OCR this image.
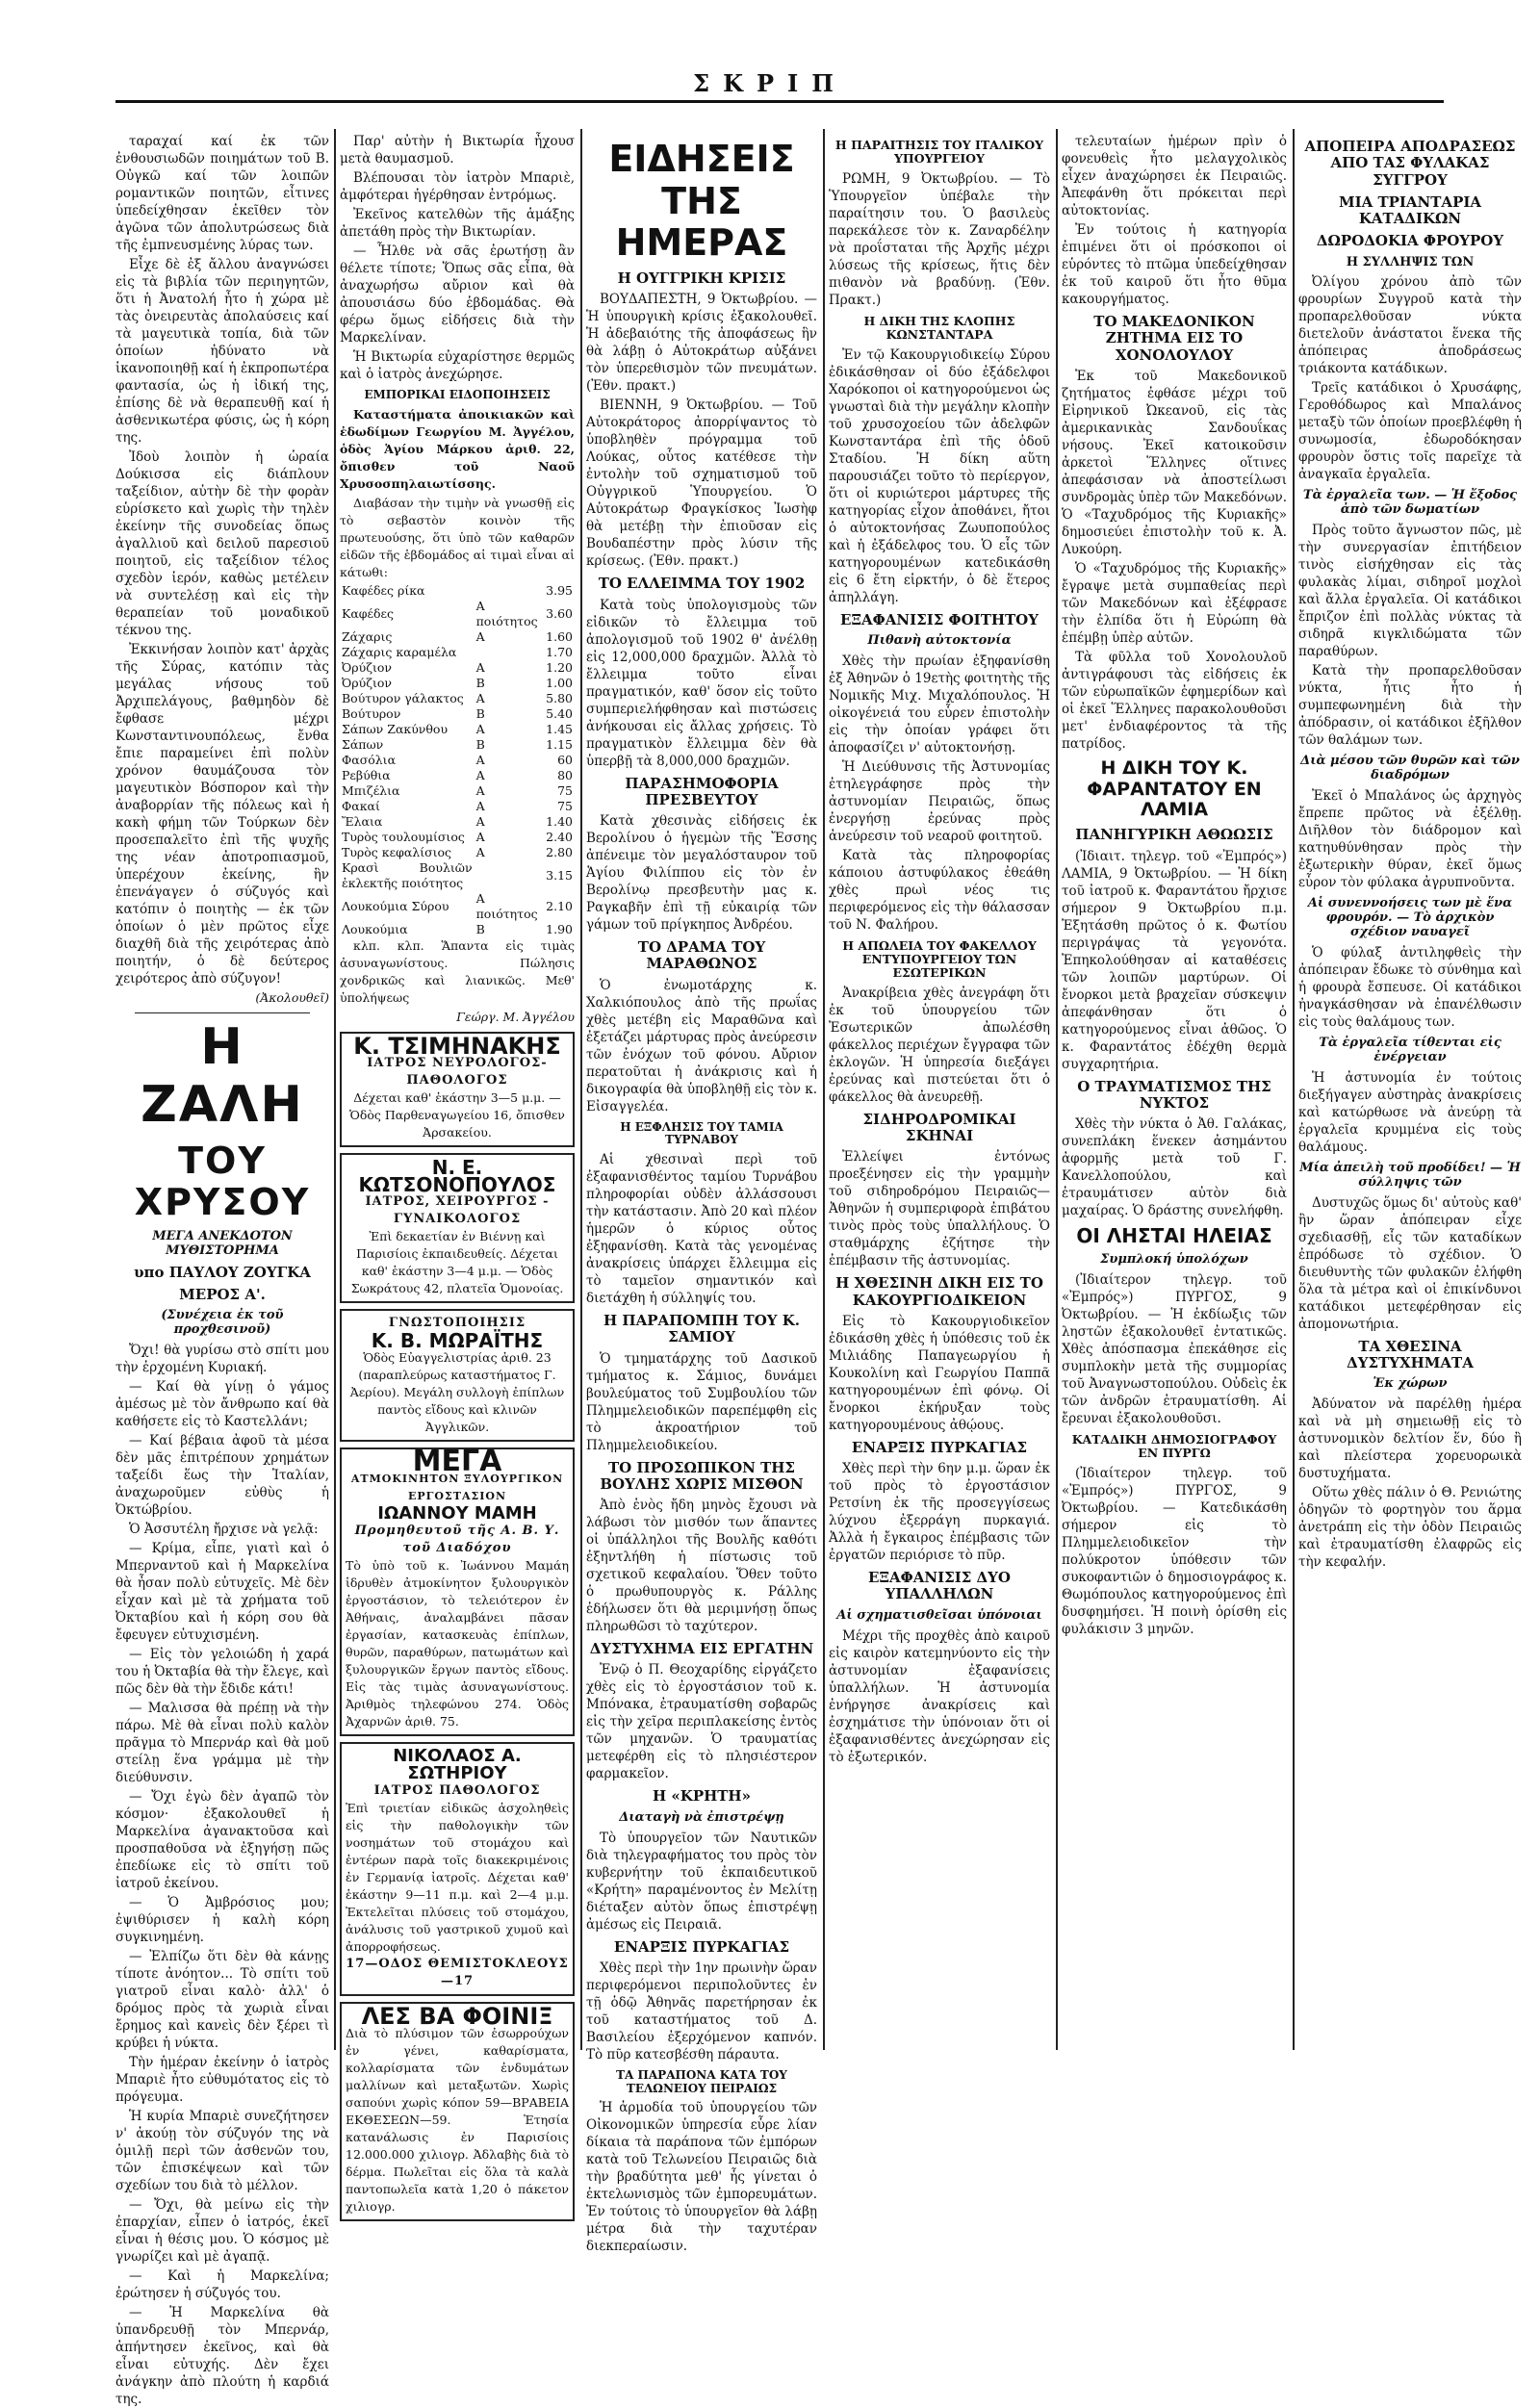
ΣΚΡΙΠ

ταραχαί καί ἐκ τῶν ἐνθουσιωδῶν ποιημάτων τοῦ Β. Οὐγκῶ καί τῶν λοιπῶν ρομαντικῶν ποιητῶν, εἶτινες ὑπεδείχθησαν ἐκεῖθεν τὸν ἀγῶνα τῶν ἀπολυτρώσεως διὰ τῆς ἐμπνευσμένης λύρας των.

Εἶχε δὲ ἐξ ἄλλου ἀναγνώσει εἰς τὰ βιβλία τῶν περιηγητῶν, ὅτι ἡ Ἀνατολή ἦτο ἡ χώρα μὲ τὰς ὀνειρευτὰς ἀπολαύσεις καί τὰ μαγευτικὰ τοπία, διὰ τῶν ὁποίων ἠδύνατο νὰ ἱκανοποιηθῇ καί ἡ ἐκπρoπωτέρα φαντασία, ὡς ἡ ἰδική της, ἐπίσης δὲ νὰ θεραπευθῇ καί ἡ ἀσθενικωτέρα φύσις, ὡς ἡ κόρη της.

Ἰδοὺ λοιπὸν ἡ ὡραία Δούκισσα εἰς διάπλουν ταξείδιον, αὐτὴν δὲ τὴν φορὰν εὑρίσκετο καὶ χωρὶς τὴν τηλὲν ἐκείνην τῆς συνοδείας ὅπως ἀγαλλιοῦ καὶ δειλοῦ παρεσιοῦ ποιητοῦ, εἰς ταξείδιον τέλος σχεδὸν ἱερόν, καθὼς μετέλειν νὰ συντελέσῃ καὶ εἰς τὴν θεραπείαν τοῦ μοναδικοῦ τέκνου της.

Ἐκκινήσαν λοιπὸν κατ' ἀρχὰς τῆς Σύρας, κατόπιν τὰς μεγάλας νήσους τοῦ Ἀρχιπελάγους, βαθμηδὸν δὲ ἔφθασε μέχρι Κωνσταντινουπόλεως, ἔνθα ἔπιε παραμείνει ἐπὶ πολὺν χρόνον θαυμάζουσα τὸν μαγευτικὸν Βόσπορον καὶ τὴν ἀναβορρίαν τῆς πόλεως καὶ ἡ κακὴ φήμη τῶν Τούρκων δὲν προσεπαλεῖτο ἐπὶ τῆς ψυχῆς της νέαν ἀποτροπιασμοῦ, ὑπερέχουν ἐκείνης, ἣν ἐπενάγαγεν ὁ σύζυγός καὶ κατόπιν ὁ ποιητὴς — ἐκ τῶν ὁποίων ὁ μὲν πρῶτος εἶχε διαχθῆ διὰ τῆς χειρότερας ἀπὸ ποιητήν, ὁ δὲ δεύτερος χειρότερος ἀπὸ σύζυγον!

(Ἀκολουθεῖ)
Η ΖΑΛΗ
ΤΟΥ ΧΡΥΣΟΥ
ΜΕΓΑ ΑΝΕΚΔΟΤΟΝ ΜΥΘΙΣΤΟΡΗΜΑ
υπο ΠΑΥΛΟΥ ΖΟΥΓΚΑ
ΜΕΡΟΣ Α'.
(Συνέχεια ἐκ τοῦ προχθεσινοῦ)

Ὄχι! θὰ γυρίσω στὸ σπίτι μου τὴν ἐρχομένη Κυριακή.

— Καί θὰ γίνῃ ὁ γάμος ἀμέσως μὲ τὸν ἄνθρωπο καί θὰ καθήσετε εἰς τὸ Καστελλάνι;

— Καί βέβαια ἀφοῦ τὰ μέσα δὲν μᾶς ἐπιτρέπουν χρημάτων ταξείδι ἕως τὴν Ἰταλίαν, ἀναχωροῦμεν εὐθὺς ἡ Ὀκτώβρίου.

Ὁ Ἀσσυτέλη ἤρχισε νὰ γελᾷ:

— Κρίμα, εἶπε, γιατὶ καὶ ὁ Μπερναντοῦ καὶ ἡ Μαρκελίνα θὰ ἦσαν πολὺ εὐτυχεῖς. Μὲ δὲν εἶχαν καὶ μὲ τὰ χρήματα τοῦ Ὀκταβίου καὶ ἡ κόρη σου θὰ ἔφευγεν εὐτυχισμένη.

— Εἰς τὸν γελοιώδη ἡ χαρά του ἡ Ὀκταβία θὰ τὴν ἔλεγε, καὶ πῶς δὲν θὰ τὴν ἔδιδε κάτι!

— Μαλισσα θὰ πρέπῃ νὰ τὴν πάρω. Μὲ θὰ εἶναι πολὺ καλὸν πρᾶγμα τὸ Μπερνάρ καὶ θὰ μοῦ στείλῃ ἕνα γράμμα μὲ τὴν διεύθυνσιν.

— Ὄχι ἐγὼ δὲν ἀγαπῶ τὸν κόσμον· ἐξακολουθεῖ ἡ Μαρκελίνα ἀγανακτοῦσα καὶ προσπαθοῦσα νὰ ἐξηγήσῃ πῶς ἐπεδίωκε εἰς τὸ σπίτι τοῦ ἰατροῦ ἐκείνου.

— Ὁ Ἀμβρόσιος μου; ἐψιθύρισεν ἡ καλὴ κόρη συγκινημένη.

— Ἐλπίζω ὅτι δὲν θὰ κάνῃς τίποτε ἀνόητον... Τὸ σπίτι τοῦ γιατροῦ εἶναι καλὸ· ἀλλ' ὁ δρόμος πρὸς τὰ χωριὰ εἶναι ἔρημος καὶ κανεὶς δὲν ξέρει τὶ κρύβει ἡ νύκτα.

Τὴν ἡμέραν ἐκείνην ὁ ἰατρὸς Μπαριὲ ἦτο εὐθυμότατος εἰς τὸ πρόγευμα.

Ἡ κυρία Μπαριὲ συνεζήτησεν ν' ἀκούῃ τὸν σύζυγόν της νὰ ὁμιλῇ περὶ τῶν ἀσθενῶν του, τῶν ἐπισκέψεων καὶ τῶν σχεδίων του διὰ τὸ μέλλον.

— Ὄχι, θὰ μείνω εἰς τὴν ἐπαρχίαν, εἶπεν ὁ ἰατρός, ἐκεῖ εἶναι ἡ θέσις μου. Ὁ κόσμος μὲ γνωρίζει καὶ μὲ ἀγαπᾷ.

— Καὶ ἡ Μαρκελίνα; ἐρώτησεν ἡ σύζυγός του.

— Ἡ Μαρκελίνα θὰ ὑπανδρευθῇ τὸν Μπερνάρ, ἀπήντησεν ἐκεῖνος, καὶ θὰ εἶναι εὐτυχής. Δὲν ἔχει ἀνάγκην ἀπὸ πλούτη ἡ καρδιά της.

Παρ' αὐτὴν ἡ Βικτωρία ἦχουσ μετὰ θαυμασμοῦ.

Βλέπουσαι τὸν ἰατρὸν Μπαριὲ, ἀμφότεραι ἠγέρθησαν ἐντρόμως.

Ἐκεῖνος κατελθὼν τῆς ἁμάξης ἀπετάθη πρὸς τὴν Βικτωρίαν.

— Ἦλθε νὰ σᾶς ἐρωτήσῃ ἂν θέλετε τίποτε; Ὅπως σᾶς εἶπα, θὰ ἀναχωρήσω αὔριον καὶ θὰ ἀπουσιάσω δύο ἑβδομάδας. Θὰ φέρω ὅμως εἰδήσεις διὰ τὴν Μαρκελίναν.

Ἡ Βικτωρία εὐχαρίστησε θερμῶς καὶ ὁ ἰατρὸς ἀνεχώρησε.

ΕΜΠΟΡΙΚΑΙ ΕΙΔΟΠΟΙΗΣΕΙΣ

Καταστήματα ἀποικιακῶν καὶ ἐδωδίμων Γεωργίου Μ. Ἀγγέλου, ὁδὸς Ἁγίου Μάρκου ἀριθ. 22, ὄπισθεν τοῦ Ναοῦ Χρυσοσπηλαιωτίσσης.

Διαβάσαν τὴν τιμὴν νὰ γνωσθῇ εἰς τὸ σεβαστὸν κοινὸν τῆς πρωτευούσης, ὅτι ὑπὸ τῶν καθαρῶν εἰδῶν τῆς ἑβδομάδος αἱ τιμαὶ εἶναι αἱ κάτωθι:

Καφέδες ρίκα		3.95
Καφέδες	Α ποιότητος	3.60
Ζάχαρις	Α	1.60
Ζάχαρις καραμέλα		1.70
Ὀρύζιον	Α	1.20
Ὀρύζιον	Β	1.00
Βούτυρον γάλακτος	Α	5.80
Βούτυρον	Β	5.40
Σάπων Ζακύνθου	Α	1.45
Σάπων	Β	1.15
Φασόλια	Α	60
Ρεβύθια	Α	80
Μπιζέλια	Α	75
Φακαί	Α	75
Ἔλαια	Α	1.40
Τυρὸς τουλουμίσιος	Α	2.40
Τυρὸς κεφαλίσιος	Α	2.80
Κρασὶ Βουλιῶν ἐκλεκτῆς ποιότητος		3.15
Λουκούμια Σύρου	Α ποιότητος	2.10
Λουκούμια	Β	1.90

κλπ. κλπ. Ἅπαντα εἰς τιμὰς ἀσυναγωνίστους. Πώλησις χονδρικῶς καὶ λιανικῶς. Μεθ' ὑπολήψεως

Γεώργ. Μ. Ἀγγέλου
Κ. ΤΣΙΜΗΝΑΚΗΣ
ΙΑΤΡΟΣ ΝΕΥΡΟΛΟΓΟΣ-ΠΑΘΟΛΟΓΟΣ
Δέχεται καθ' ἑκάστην 3—5 μ.μ. —Ὁδὸς Παρθεναγωγείου 16, ὄπισθεν Ἀρσακείου.
Ν. Ε. ΚΩΤΣΟΝΟΠΟΥΛΟΣ
ΙΑΤΡΟΣ, ΧΕΙΡΟΥΡΓΟΣ - ΓΥΝΑΙΚΟΛΟΓΟΣ
Ἐπὶ δεκαετίαν ἐν Βιέννῃ καὶ Παρισίοις ἐκπαιδευθείς. Δέχεται καθ' ἑκάστην 3—4 μ.μ. — Ὁδὸς Σωκράτους 42, πλατεῖα Ὁμονοίας.
ΓΝΩΣΤΟΠΟΙΗΣΙΣ
Κ. Β. ΜΩΡΑΪΤΗΣ
Ὁδὸς Εὐαγγελιστρίας ἀριθ. 23 (παραπλεύρως καταστήματος Γ. Ἀερίου). Μεγάλη συλλογὴ ἐπίπλων παντὸς εἴδους καὶ κλινῶν Ἀγγλικῶν.
ΜΕΓΑ
ΑΤΜΟΚΙΝΗΤΟΝ ΞΥΛΟΥΡΓΙΚΟΝ ΕΡΓΟΣΤΑΣΙΟΝ
ΙΩΑΝΝΟΥ ΜΑΜΗ
Προμηθευτοῦ τῆς Α. Β. Υ. τοῦ Διαδόχου
Τὸ ὑπὸ τοῦ κ. Ἰωάννου Μαμάη ἱδρυθὲν ἀτμοκίνητον ξυλουργικὸν ἐργοστάσιον, τὸ τελειότερον ἐν Ἀθήναις, ἀναλαμβάνει πᾶσαν ἐργασίαν, κατασκευὰς ἐπίπλων, θυρῶν, παραθύρων, πατωμάτων καὶ ξυλουργικῶν ἔργων παντὸς εἴδους. Εἰς τὰς τιμὰς ἀσυναγωνίστους. Ἀριθμὸς τηλεφώνου 274. Ὁδὸς Ἀχαρνῶν ἀριθ. 75.
ΝΙΚΟΛΑΟΣ Α. ΣΩΤΗΡΙΟΥ
ΙΑΤΡΟΣ ΠΑΘΟΛΟΓΟΣ
Ἐπὶ τριετίαν εἰδικῶς ἀσχοληθεὶς εἰς τὴν παθολογικὴν τῶν νοσημάτων τοῦ στομάχου καὶ ἐντέρων παρὰ τοῖς διακεκριμένοις ἐν Γερμανίᾳ ἰατροῖς. Δέχεται καθ' ἑκάστην 9—11 π.μ. καὶ 2—4 μ.μ. Ἐκτελεῖται πλύσεις τοῦ στομάχου, ἀνάλυσις τοῦ γαστρικοῦ χυμοῦ καὶ ἀπορροφήσεως.
17—ΟΔΟΣ ΘΕΜΙΣΤΟΚΛΕΟΥΣ—17
ΛΕΣ ΒΑ ΦΟΙΝΙΞ
Διὰ τὸ πλύσιμον τῶν ἐσωρρούχων ἐν γένει, καθαρίσματα, κολλαρίσματα τῶν ἐνδυμάτων μαλλίνων καὶ μεταξωτῶν. Χωρὶς σαπούνι χωρὶς κόπον 59—ΒΡΑΒΕΙΑ ΕΚΘΕΣΕΩΝ—59. Ἐτησία κατανάλωσις ἐν Παρισίοις 12.000.000 χιλιογρ. Ἀδλαβὴς διὰ τὸ δέρμα. Πωλεῖται εἰς ὅλα τὰ καλὰ παντοπωλεῖα κατὰ 1,20 ὁ πάκετον χιλιογρ.
ΕΙΔΗΣΕΙΣ ΤΗΣ ΗΜΕΡΑΣ
Η ΟΥΓΓΡΙΚΗ ΚΡΙΣΙΣ

ΒΟΥΔΑΠΕΣΤΗ, 9 Ὀκτωβρίου. — Ἡ ὑπουργικὴ κρίσις ἐξακολουθεῖ. Ἡ ἀδεβαιότης τῆς ἀποφάσεως ἣν θὰ λάβῃ ὁ Αὐτοκράτωρ αὐξάνει τὸν ὑπερεθισμὸν τῶν πνευμάτων. (Ἐθν. πρακτ.)

ΒΙΕΝΝΗ, 9 Ὀκτωβρίου. — Τοῦ Αὐτοκράτορος ἀπορρίψαντος τὸ ὑποβληθὲν πρόγραμμα τοῦ Λούκας, οὗτος κατέθεσε τὴν ἐντολὴν τοῦ σχηματισμοῦ τοῦ Οὐγγρικοῦ Ὑπουργείου. Ὁ Αὐτοκράτωρ Φραγκίσκος Ἰωσὴφ θὰ μετέβῃ τὴν ἐπιοῦσαν εἰς Βουδαπέστην πρὸς λύσιν τῆς κρίσεως. (Ἐθν. πρακτ.)

ΤΟ ΕΛΛΕΙΜΜΑ ΤΟΥ 1902

Κατὰ τοὺς ὑπολογισμοὺς τῶν εἰδικῶν τὸ ἔλλειμμα τοῦ ἀπολογισμοῦ τοῦ 1902 θ' ἀνέλθῃ εἰς 12,000,000 δραχμῶν. Ἀλλὰ τὸ ἔλλειμμα τοῦτο εἶναι πραγματικόν, καθ' ὅσον εἰς τοῦτο συμπεριελήφθησαν καὶ πιστώσεις ἀνήκουσαι εἰς ἄλλας χρήσεις. Τὸ πραγματικὸν ἔλλειμμα δὲν θὰ ὑπερβῇ τὰ 8,000,000 δραχμῶν.

ΠΑΡΑΣΗΜΟΦΟΡΙΑ ΠΡΕΣΒΕΥΤΟΥ

Κατὰ χθεσινὰς εἰδήσεις ἐκ Βερολίνου ὁ ἡγεμὼν τῆς Ἔσσης ἀπένειμε τὸν μεγαλόσταυρον τοῦ Ἁγίου Φιλίππου εἰς τὸν ἐν Βερολίνῳ πρεσβευτὴν μας κ. Ραγκαβῆν ἐπὶ τῇ εὐκαιρίᾳ τῶν γάμων τοῦ πρίγκηπος Ἀνδρέου.

ΤΟ ΔΡΑΜΑ ΤΟΥ ΜΑΡΑΘΩΝΟΣ

Ὁ ἐνωμοτάρχης κ. Χαλκιόπουλος ἀπὸ τῆς πρωΐας χθὲς μετέβη εἰς Μαραθῶνα καὶ ἐξετάζει μάρτυρας πρὸς ἀνεύρεσιν τῶν ἐνόχων τοῦ φόνου. Αὔριον περατοῦται ἡ ἀνάκρισις καὶ ἡ δικογραφία θὰ ὑποβληθῇ εἰς τὸν κ. Εἰσαγγελέα.

Η ΕΞΦΛΗΣΙΣ ΤΟΥ ΤΑΜΙΑ ΤΥΡΝΑΒΟΥ

Αἱ χθεσιναὶ περὶ τοῦ ἐξαφανισθέντος ταμίου Τυρνάβου πληροφορίαι οὐδὲν ἀλλάσσουσι τὴν κατάστασιν. Ἀπὸ 20 καὶ πλέον ἡμερῶν ὁ κύριος οὗτος ἐξηφανίσθη. Κατὰ τὰς γενομένας ἀνακρίσεις ὑπάρχει ἔλλειμμα εἰς τὸ ταμεῖον σημαντικόν καὶ διετάχθη ἡ σύλληψίς του.

Η ΠΑΡΑΠΟΜΠΗ ΤΟΥ Κ. ΣΑΜΙΟΥ

Ὁ τμηματάρχης τοῦ Δασικοῦ τμήματος κ. Σάμιος, δυνάμει βουλεύματος τοῦ Συμβουλίου τῶν Πλημμελειοδικῶν παρεπέμφθη εἰς τὸ ἀκροατήριον τοῦ Πλημμελειοδικείου.

ΤΟ ΠΡΟΣΩΠΙΚΟΝ ΤΗΣ ΒΟΥΛΗΣ ΧΩΡΙΣ ΜΙΣΘΟΝ

Ἀπὸ ἑνὸς ἤδη μηνὸς ἔχουσι νὰ λάβωσι τὸν μισθόν των ἅπαντες οἱ ὑπάλληλοι τῆς Βουλῆς καθότι ἐξηντλήθη ἡ πίστωσις τοῦ σχετικοῦ κεφαλαίου. Ὅθεν τοῦτο ὁ πρωθυπουργὸς κ. Ράλλης ἐδήλωσεν ὅτι θὰ μεριμνήσῃ ὅπως πληρωθῶσι τὸ ταχύτερον.

ΔΥΣΤΥΧΗΜΑ ΕΙΣ ΕΡΓΑΤΗΝ

Ἐνῷ ὁ Π. Θεοχαρίδης εἰργάζετο χθὲς εἰς τὸ ἐργοστάσιον τοῦ κ. Μπόνακα, ἐτραυματίσθη σοβαρῶς εἰς τὴν χεῖρα περιπλακείσης ἐντὸς τῶν μηχανῶν. Ὁ τραυματίας μετεφέρθη εἰς τὸ πλησιέστερον φαρμακεῖον.

Η «ΚΡΗΤΗ»
Διαταγὴ νὰ ἐπιστρέψῃ

Τὸ ὑπουργεῖον τῶν Ναυτικῶν διὰ τηλεγραφήματος του πρὸς τὸν κυβερνήτην τοῦ ἐκπαιδευτικοῦ «Κρήτη» παραμένοντος ἐν Μελίτῃ διέταξεν αὐτὸν ὅπως ἐπιστρέψῃ ἀμέσως εἰς Πειραιᾶ.

ΕΝΑΡΞΙΣ ΠΥΡΚΑΓΙΑΣ

Χθὲς περὶ τὴν 1ην πρωινὴν ὥραν περιφερόμενοι περιπολοῦντες ἐν τῇ ὁδῷ Ἀθηνᾶς παρετήρησαν ἐκ τοῦ καταστήματος τοῦ Δ. Βασιλείου ἐξερχόμενον καπνόν. Τὸ πῦρ κατεσβέσθη πάραυτα.

ΤΑ ΠΑΡΑΠΟΝΑ ΚΑΤΑ ΤΟΥ ΤΕΛΩΝΕΙΟΥ ΠΕΙΡΑΙΩΣ

Ἡ ἀρμοδία τοῦ ὑπουργείου τῶν Οἰκονομικῶν ὑπηρεσία εὗρε λίαν δίκαια τὰ παράπονα τῶν ἐμπόρων κατὰ τοῦ Τελωνείου Πειραιῶς διὰ τὴν βραδύτητα μεθ' ἧς γίνεται ὁ ἐκτελωνισμὸς τῶν ἐμπορευμάτων. Ἐν τούτοις τὸ ὑπουργεῖον θὰ λάβῃ μέτρα διὰ τὴν ταχυτέραν διεκπεραίωσιν.

Η ΠΑΡΑΙΤΗΣΙΣ ΤΟΥ ΙΤΑΛΙΚΟΥ ΥΠΟΥΡΓΕΙΟΥ

ΡΩΜΗ, 9 Ὀκτωβρίου. — Τὸ Ὑπουργεῖον ὑπέβαλε τὴν παραίτησιν του. Ὁ βασιλεὺς παρεκάλεσε τὸν κ. Ζαναρδέλην νὰ προΐσταται τῆς Ἀρχῆς μέχρι λύσεως τῆς κρίσεως, ἥτις δὲν πιθανὸν νὰ βραδύνῃ. (Ἐθν. Πρακτ.)

Η ΔΙΚΗ ΤΗΣ ΚΛΟΠΗΣ ΚΩΝΣΤΑΝΤΑΡΑ

Ἐν τῷ Κακουργιοδικείῳ Σύρου ἐδικάσθησαν οἱ δύο ἐξάδελφοι Χαρόκοποι οἱ κατηγορούμενοι ὡς γνωσταὶ διὰ τὴν μεγάλην κλοπὴν τοῦ χρυσοχοείου τῶν ἀδελφῶν Κωνσταντάρα ἐπὶ τῆς ὁδοῦ Σταδίου. Ἡ δίκη αὕτη παρουσιάζει τοῦτο τὸ περίεργον, ὅτι οἱ κυριώτεροι μάρτυρες τῆς κατηγορίας εἶχον ἀποθάνει, ἤτοι ὁ αὐτοκτονήσας Ζωυποπούλος καὶ ἡ ἐξάδελφος του. Ὁ εἷς τῶν κατηγορουμένων κατεδικάσθη εἰς 6 ἔτη εἱρκτήν, ὁ δὲ ἕτερος ἀπηλλάγη.

ΕΞΑΦΑΝΙΣΙΣ ΦΟΙΤΗΤΟΥ
Πιθανὴ αὐτοκτονία

Χθὲς τὴν πρωίαν ἐξηφανίσθη ἐξ Ἀθηνῶν ὁ 19ετὴς φοιτητὴς τῆς Νομικῆς Μιχ. Μιχαλόπουλος. Ἡ οἰκογένειά του εὗρεν ἐπιστολὴν εἰς τὴν ὁποίαν γράφει ὅτι ἀποφασίζει ν' αὐτοκτονήσῃ.

Ἡ Διεύθυνσις τῆς Ἀστυνομίας ἐτηλεγράφησε πρὸς τὴν ἀστυνομίαν Πειραιῶς, ὅπως ἐνεργήσῃ ἐρεύνας πρὸς ἀνεύρεσιν τοῦ νεαροῦ φοιτητοῦ.

Κατὰ τὰς πληροφορίας κάποιου ἀστυφύλακος ἐθεάθη χθὲς πρωὶ νέος τις περιφερόμενος εἰς τὴν θάλασσαν τοῦ Ν. Φαλήρου.

Η ΑΠΩΛΕΙΑ ΤΟΥ ΦΑΚΕΛΛΟΥ ΕΝΤΥΠΟΥΡΓΕΙΟΥ ΤΩΝ ΕΣΩΤΕΡΙΚΩΝ

Ἀνακρίβεια χθὲς ἀνεγράφη ὅτι ἐκ τοῦ ὑπουργείου τῶν Ἐσωτερικῶν ἀπωλέσθη φάκελλος περιέχων ἔγγραφα τῶν ἐκλογῶν. Ἡ ὑπηρεσία διεξάγει ἐρεύνας καὶ πιστεύεται ὅτι ὁ φάκελλος θὰ ἀνευρεθῇ.

ΣΙΔΗΡΟΔΡΟΜΙΚΑΙ ΣΚΗΝΑΙ

Ἐλλείψει ἐντόνως προεξένησεν εἰς τὴν γραμμὴν τοῦ σιδηροδρόμου Πειραιῶς—Ἀθηνῶν ἡ συμπεριφορὰ ἐπιβάτου τινὸς πρὸς τοὺς ὑπαλλήλους. Ὁ σταθμάρχης ἐζήτησε τὴν ἐπέμβασιν τῆς ἀστυνομίας.

Η ΧΘΕΣΙΝΗ ΔΙΚΗ ΕΙΣ ΤΟ ΚΑΚΟΥΡΓΙΟΔΙΚΕΙΟΝ

Εἰς τὸ Κακουργιοδικεῖον ἐδικάσθη χθὲς ἡ ὑπόθεσις τοῦ ἐκ Μιλιάδης Παπαγεωργίου ἡ Κουκολίνη καὶ Γεωργίου Παππᾶ κατηγορουμένων ἐπὶ φόνῳ. Οἱ ἔνορκοι ἐκήρυξαν τοὺς κατηγορουμένους ἀθῴους.

ΕΝΑΡΞΙΣ ΠΥΡΚΑΓΙΑΣ

Χθὲς περὶ τὴν 6ην μ.μ. ὥραν ἐκ τοῦ πρὸς τὸ ἐργοστάσιον Ρετσίνη ἐκ τῆς προσεγγίσεως λύχνου ἐξερράγη πυρκαγιά. Ἀλλὰ ἡ ἔγκαιρος ἐπέμβασις τῶν ἐργατῶν περιόρισε τὸ πῦρ.

ΕΞΑΦΑΝΙΣΙΣ ΔΥΟ ΥΠΑΛΛΗΛΩΝ
Αἱ σχηματισθεῖσαι ὑπόνοιαι

Μέχρι τῆς προχθὲς ἀπὸ καιροῦ εἰς καιρὸν κατεμηνύοντο εἰς τὴν ἀστυνομίαν ἐξαφανίσεις ὑπαλλήλων. Ἡ ἀστυνομία ἐνήργησε ἀνακρίσεις καὶ ἐσχημάτισε τὴν ὑπόνοιαν ὅτι οἱ ἐξαφανισθέντες ἀνεχώρησαν εἰς τὸ ἐξωτερικόν.

τελευταίων ἡμέρων πρὶν ὁ φονευθεὶς ἦτο μελαγχολικὸς εἶχεν ἀναχώρησει ἐκ Πειραιῶς. Ἀπεφάνθη ὅτι πρόκειται περὶ αὐτοκτονίας.

Ἐν τούτοις ἡ κατηγορία ἐπιμένει ὅτι οἱ πρόσκοποι οἱ εὑρόντες τὸ πτῶμα ὑπεδείχθησαν ἐκ τοῦ καιροῦ ὅτι ἦτο θῦμα κακουργήματος.

ΤΟ ΜΑΚΕΔΟΝΙΚΟΝ ΖΗΤΗΜΑ ΕΙΣ ΤΟ ΧΟΝΟΛΟΥΛΟΥ

Ἐκ τοῦ Μακεδονικοῦ ζητήματος ἐφθάσε μέχρι τοῦ Εἰρηνικοῦ Ὠκεανοῦ, εἰς τὰς ἀμερικανικὰς Σανδουΐκας νήσους. Ἐκεῖ κατοικοῦσιν ἀρκετοὶ Ἕλληνες οἵτινες ἀπεφάσισαν νὰ ἀποστείλωσι συνδρομὰς ὑπὲρ τῶν Μακεδόνων. Ὁ «Ταχυδρόμος τῆς Κυριακῆς» δημοσιεύει ἐπιστολὴν τοῦ κ. Ἀ. Λυκούρη.

Ὁ «Ταχυδρόμος τῆς Κυριακῆς» ἔγραψε μετὰ συμπαθείας περὶ τῶν Μακεδόνων καὶ ἐξέφρασε τὴν ἐλπίδα ὅτι ἡ Εὐρώπη θὰ ἐπέμβῃ ὑπὲρ αὐτῶν.

Τὰ φῦλλα τοῦ Χονολουλοῦ ἀντιγράφουσι τὰς εἰδήσεις ἐκ τῶν εὐρωπαϊκῶν ἐφημερίδων καὶ οἱ ἐκεῖ Ἕλληνες παρακολουθοῦσι μετ' ἐνδιαφέροντος τὰ τῆς πατρίδος.

Η ΔΙΚΗ ΤΟΥ Κ. ΦΑΡΑΝΤΑΤΟΥ ΕΝ ΛΑΜΙΑ
ΠΑΝΗΓΥΡΙΚΗ ΑΘΩΩΣΙΣ

(Ἰδιαιτ. τηλεγρ. τοῦ «Ἐμπρός») ΛΑΜΙΑ, 9 Ὀκτωβρίου. — Ἡ δίκη τοῦ ἰατροῦ κ. Φαραντάτου ἤρχισε σήμερον 9 Ὀκτωβρίου π.μ. Ἐξητάσθη πρῶτος ὁ κ. Φωτίου περιγράψας τὰ γεγονότα. Ἐπηκολούθησαν αἱ καταθέσεις τῶν λοιπῶν μαρτύρων. Οἱ ἔνορκοι μετὰ βραχεῖαν σύσκεψιν ἀπεφάνθησαν ὅτι ὁ κατηγορούμενος εἶναι ἀθῶος. Ὁ κ. Φαραντάτος ἐδέχθη θερμὰ συγχαρητήρια.

Ο ΤΡΑΥΜΑΤΙΣΜΟΣ ΤΗΣ ΝΥΚΤΟΣ

Χθὲς τὴν νύκτα ὁ Ἀθ. Γαλάκας, συνεπλάκη ἕνεκεν ἀσημάντου ἀφορμῆς μετὰ τοῦ Γ. Κανελλοπούλου, καὶ ἐτραυμάτισεν αὐτὸν διὰ μαχαίρας. Ὁ δράστης συνελήφθη.

ΟΙ ΛΗΣΤΑΙ ΗΛΕΙΑΣ
Συμπλοκή ὑπολόχων

(Ἰδιαίτερον τηλεγρ. τοῦ «Ἐμπρός») ΠΥΡΓΟΣ, 9 Ὀκτωβρίου. — Ἡ ἐκδίωξις τῶν ληστῶν ἐξακολουθεῖ ἐντατικῶς. Χθὲς ἀπόσπασμα ἐπεκάθησε εἰς συμπλοκὴν μετὰ τῆς συμμορίας τοῦ Ἀναγνωστοπούλου. Οὐδεὶς ἐκ τῶν ἀνδρῶν ἐτραυματίσθη. Αἱ ἔρευναι ἐξακολουθοῦσι.

ΚΑΤΑΔΙΚΗ ΔΗΜΟΣΙΟΓΡΑΦΟΥ ΕΝ ΠΥΡΓΩ

(Ἰδιαίτερον τηλεγρ. τοῦ «Ἐμπρός») ΠΥΡΓΟΣ, 9 Ὀκτωβρίου. — Κατεδικάσθη σήμερον εἰς τὸ Πλημμελειοδικεῖον τὴν πολύκροτον ὑπόθεσιν τῶν συκοφαντιῶν ὁ δημοσιογράφος κ. Θωμόπουλος κατηγορούμενος ἐπὶ δυσφημήσει. Ἡ ποινὴ ὁρίσθη εἰς φυλάκισιν 3 μηνῶν.

ΑΠΟΠΕΙΡΑ ΑΠΟΔΡΑΣΕΩΣ ΑΠΟ ΤΑΣ ΦΥΛΑΚΑΣ ΣΥΓΓΡΟΥ
ΜΙΑ ΤΡΙΑΝΤΑΡΙΑ ΚΑΤΑΔΙΚΩΝ
ΔΩΡΟΔΟΚΙΑ ΦΡΟΥΡΟΥ
Η ΣΥΛΛΗΨΙΣ ΤΩΝ

Ὀλίγου χρόνου ἀπὸ τῶν φρουρίων Συγγροῦ κατὰ τὴν προπαρελθοῦσαν νύκτα διετελοῦν ἀνάστατοι ἕνεκα τῆς ἀπόπειρας ἀποδράσεως τριάκοντα κατάδικων.

Τρεῖς κατάδικοι ὁ Χρυσάφης, Γεροθόδωρος καὶ Μπαλάνος μεταξὺ τῶν ὁποίων προεβλέφθη ἡ συνωμοσία, ἐδωροδόκησαν φρουρὸν ὅστις τοῖς παρεῖχε τὰ ἀναγκαῖα ἐργαλεῖα.

Τὰ ἐργαλεῖα των. — Ἡ ἔξοδος ἀπὸ τῶν δωματίων

Πρὸς τοῦτο ἄγνωστον πῶς, μὲ τὴν συνεργασίαν ἐπιτήδειον τινὸς εἰσήχθησαν εἰς τὰς φυλακὰς λίμαι, σιδηροῖ μοχλοὶ καὶ ἄλλα ἐργαλεῖα. Οἱ κατάδικοι ἔπριζον ἐπὶ πολλὰς νύκτας τὰ σιδηρᾶ κιγκλιδώματα τῶν παραθύρων.

Κατὰ τὴν προπαρελθοῦσαν νύκτα, ἧτις ἦτο ἡ συμπεφωνημένη διὰ τὴν ἀπόδρασιν, οἱ κατάδικοι ἐξῆλθον τῶν θαλάμων των.

Διὰ μέσου τῶν θυρῶν καὶ τῶν διαδρόμων

Ἐκεῖ ὁ Μπαλάνος ὡς ἀρχηγὸς ἔπρεπε πρῶτος νὰ ἐξέλθῃ. Διῆλθον τὸν διάδρομον καὶ κατηυθύνθησαν πρὸς τὴν ἐξωτερικὴν θύραν, ἐκεῖ ὅμως εὗρον τὸν φύλακα ἀγρυπνοῦντα.

Αἱ συνεννοήσεις των μὲ ἕνα φρουρόν. — Τὸ ἀρχικὸν σχέδιον ναυαγεῖ

Ὁ φύλαξ ἀντιληφθεὶς τὴν ἀπόπειραν ἔδωκε τὸ σύνθημα καὶ ἡ φρουρὰ ἔσπευσε. Οἱ κατάδικοι ἠναγκάσθησαν νὰ ἐπανέλθωσιν εἰς τοὺς θαλάμους των.

Τὰ ἐργαλεῖα τίθενται εἰς ἐνέργειαν

Ἡ ἀστυνομία ἐν τούτοις διεξήγαγεν αὐστηρὰς ἀνακρίσεις καὶ κατώρθωσε νὰ ἀνεύρῃ τὰ ἐργαλεῖα κρυμμένα εἰς τοὺς θαλάμους.

Μία ἀπειλὴ τοῦ προδίδει! — Ἡ σύλληψις τῶν

Δυστυχῶς ὅμως δι' αὐτοὺς καθ' ἣν ὥραν ἀπόπειραν εἶχε σχεδιασθῇ, εἷς τῶν καταδίκων ἐπρόδωσε τὸ σχέδιον. Ὁ διευθυντὴς τῶν φυλακῶν ἐλήφθη ὅλα τὰ μέτρα καὶ οἱ ἐπικίνδυνοι κατάδικοι μετεφέρθησαν εἰς ἀπομονωτήρια.

ΤΑ ΧΘΕΣΙΝΑ ΔΥΣΤΥΧΗΜΑΤΑ
Ἐκ χώρων

Ἀδύνατον νὰ παρέλθῃ ἡμέρα καὶ νὰ μὴ σημειωθῇ εἰς τὸ ἀστυνομικὸν δελτίον ἕν, δύο ἢ καὶ πλείστερα χορευορωικὰ δυστυχήματα.

Οὕτω χθὲς πάλιν ὁ Θ. Ρενιώτης ὁδηγῶν τὸ φορτηγὸν του ἅρμα ἀνετράπη εἰς τὴν ὁδὸν Πειραιῶς καὶ ἐτραυματίσθη ἐλαφρῶς εἰς τὴν κεφαλήν.
